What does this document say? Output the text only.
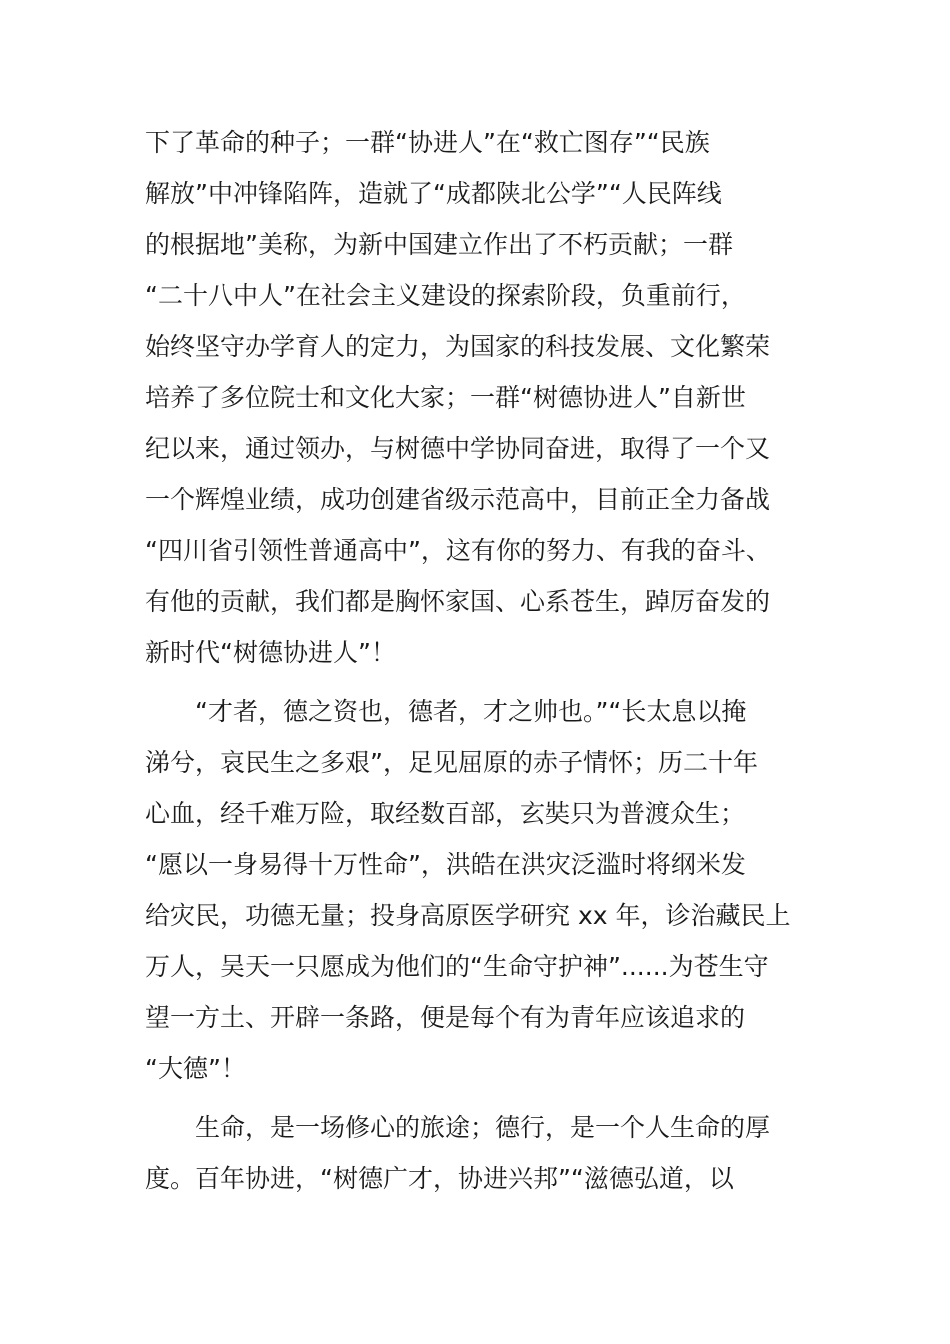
下了革命的种子；一群“协进人”在“救亡图存”“民族
解放”中冲锋陷阵，造就了“成都陕北公学”“人民阵线
的根据地”美称，为新中国建立作出了不朽贡献；一群
“二十八中人”在社会主义建设的探索阶段，负重前行，
始终坚守办学育人的定力，为国家的科技发展、文化繁荣
培养了多位院士和文化大家；一群“树德协进人”自新世
纪以来，通过领办，与树德中学协同奋进，取得了一个又
一个辉煌业绩，成功创建省级示范高中，目前正全力备战
“四川省引领性普通高中”，这有你的努力、有我的奋斗、
有他的贡献，我们都是胸怀家国、心系苍生，踔厉奋发的
新时代“树德协进人”！
“才者，德之资也，德者，才之帅也。”“长太息以掩
涕兮，哀民生之多艰”，足见屈原的赤子情怀；历二十年
心血，经千难万险，取经数百部，玄奘只为普渡众生；
“愿以一身易得十万性命”，洪皓在洪灾泛滥时将纲米发
给灾民，功德无量；投身高原医学研究 xx 年，诊治藏民上
万人，吴天一只愿成为他们的“生命守护神”......为苍生守
望一方土、开辟一条路，便是每个有为青年应该追求的
“大德”！
生命，是一场修心的旅途；德行，是一个人生命的厚
度。百年协进，“树德广才，协进兴邦”“滋德弘道，以
